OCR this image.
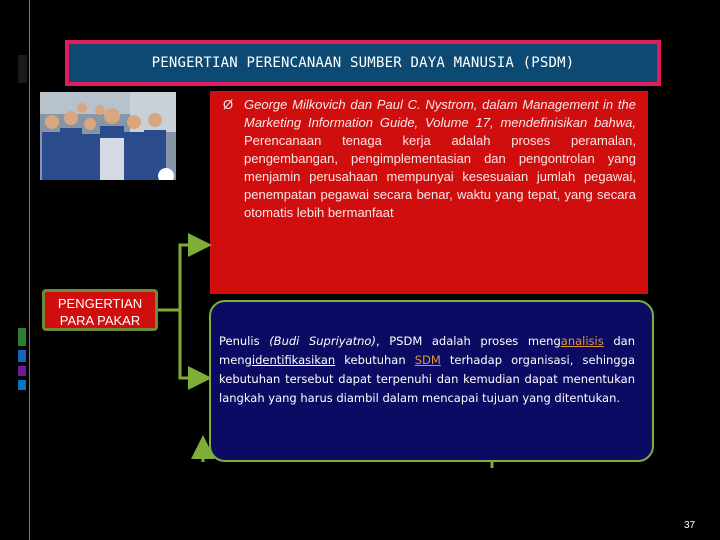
PENGERTIAN PERENCANAAN SUMBER DAYA MANUSIA (PSDM)
Ø George Milkovich dan Paul C. Nystrom, dalam Management in the Marketing Information Guide, Volume 17, mendefinisikan bahwa, Perencanaan tenaga kerja adalah proses peramalan, pengembangan, pengimplementasian dan pengontrolan yang menjamin perusahaan mempunyai kesesuaian jumlah pegawai, penempatan pegawai secara benar, waktu yang tepat, yang secara otomatis lebih bermanfaat
PENGERTIAN PARA PAKAR
Penulis (Budi Supriyatno), PSDM adalah proses menganalisis dan mengidentifikasikan kebutuhan SDM terhadap organisasi, sehingga kebutuhan tersebut dapat terpenuhi dan kemudian dapat menentukan langkah yang harus diambil dalam mencapai tujuan yang ditentukan.
37
